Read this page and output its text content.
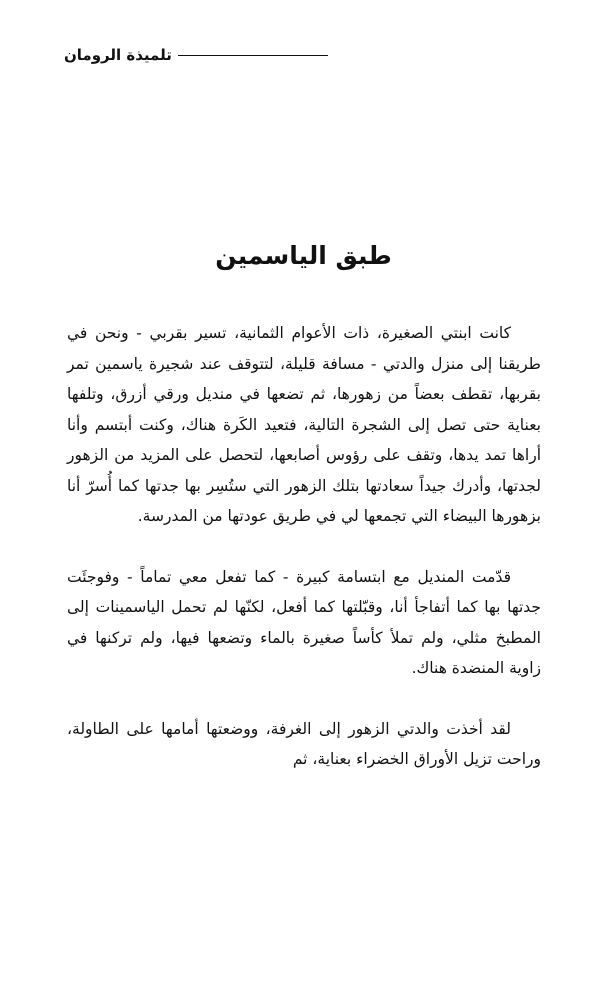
تلميذة الرومان
طبق الياسمين

كانت ابنتي الصغيرة، ذات الأعوام الثمانية، تسير بقربي - ونحن في طريقنا إلى منزل والدتي - مسافة قليلة، لتتوقف عند شجيرة ياسمين تمر بقربها، تقطف بعضاً من زهورها، ثم تضعها في منديل ورقي أزرق، وتلفها بعناية حتى تصل إلى الشجرة التالية، فتعيد الكَرة هناك، وكنت أبتسم وأنا أراها تمد يدها، وتقف على رؤوس أصابعها، لتحصل على المزيد من الزهور لجدتها، وأدرك جيداً سعادتها بتلك الزهور التي ستُسِر بها جدتها كما أُسرّ أنا بزهورها البيضاء التي تجمعها لي في طريق عودتها من المدرسة.

قدّمت المنديل مع ابتسامة كبيرة - كما تفعل معي تماماً - وفوجئَت جدتها بها كما أتفاجأ أنا، وقبّلتها كما أفعل، لكنّها لم تحمل الياسمينات إلى المطبخ مثلي، ولم تملأ كأساً صغيرة بالماء وتضعها فيها، ولم تركنها في زاوية المنضدة هناك.

لقد أخذت والدتي الزهور إلى الغرفة، ووضعتها أمامها على الطاولة، وراحت تزيل الأوراق الخضراء بعناية، ثم
